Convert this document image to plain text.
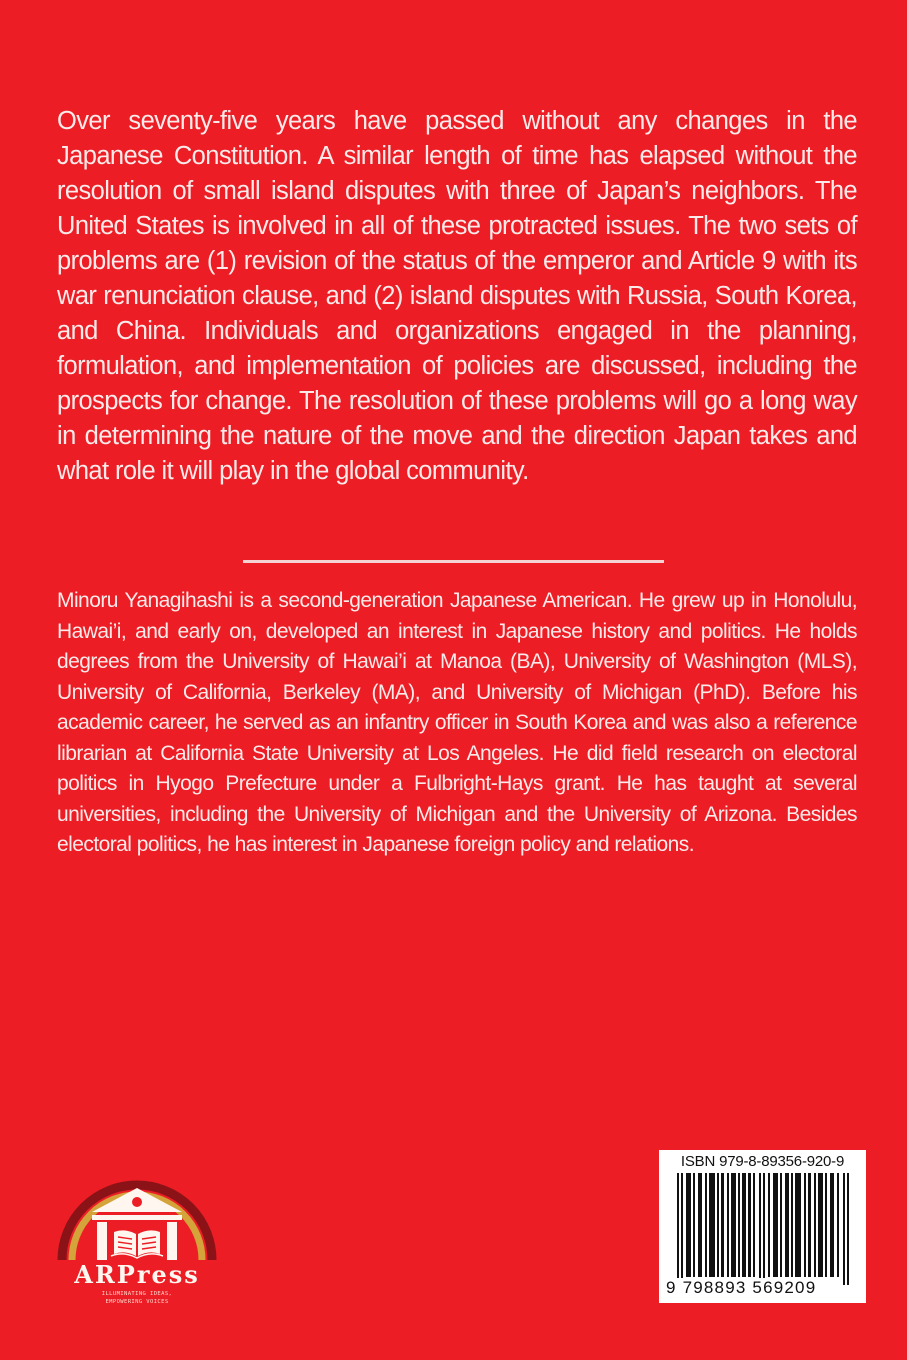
Over seventy-five years have passed without any changes in the Japanese Constitution. A similar length of time has elapsed without the resolution of small island disputes with three of Japan’s neighbors. The United States is involved in all of these protracted issues. The two sets of problems are (1) revision of the status of the emperor and Article 9 with its war renunciation clause, and (2) island disputes with Russia, South Korea, and China. Individuals and organizations engaged in the planning, formulation, and implementation of policies are discussed, including the prospects for change. The resolution of these problems will go a long way in determining the nature of the move and the direction Japan takes and what role it will play in the global community.
Minoru Yanagihashi is a second-generation Japanese American. He grew up in Honolulu, Hawai’i, and early on, developed an interest in Japanese history and politics. He holds degrees from the University of Hawai’i at Manoa (BA), University of Washington (MLS), University of California, Berkeley (MA), and University of Michigan (PhD). Before his academic career, he served as an infantry officer in South Korea and was also a reference librarian at California State University at Los Angeles. He did field research on electoral politics in Hyogo Prefecture under a Fulbright-Hays grant. He has taught at several universities, including the University of Michigan and the University of Arizona. Besides electoral politics, he has interest in Japanese foreign policy and relations.
ARPress
ILLUMINATING IDEAS,
EMPOWERING VOICES
ISBN 979-8-89356-920-9
9 798893 569209
